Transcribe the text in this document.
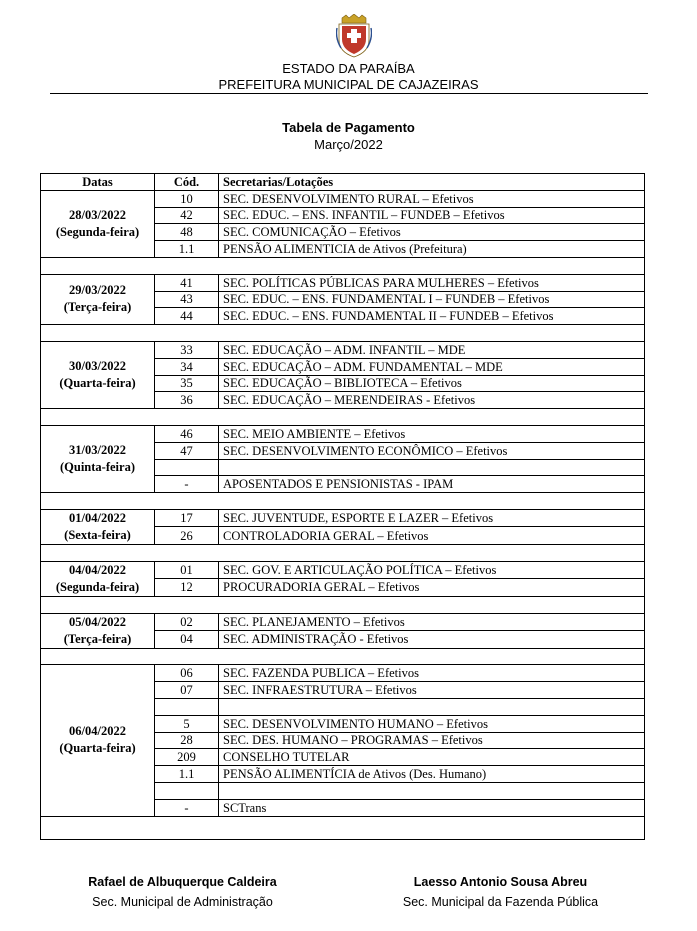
ESTADO DA PARAÍBA
PREFEITURA MUNICIPAL DE CAJAZEIRAS
Tabela de Pagamento
Março/2022
Datas	Cód.	Secretarias/Lotações

28/03/2022
(Segunda-feira)	10	SEC. DESENVOLVIMENTO RURAL – Efetivos
	42	SEC. EDUC. – ENS. INFANTIL – FUNDEB – Efetivos
	48	SEC. COMUNICAÇÃO – Efetivos
	1.1	PENSÃO ALIMENTICIA de Ativos (Prefeitura)

29/03/2022
(Terça-feira)	41	SEC. POLÍTICAS PÚBLICAS PARA MULHERES – Efetivos
	43	SEC. EDUC. – ENS. FUNDAMENTAL I – FUNDEB – Efetivos
	44	SEC. EDUC. – ENS. FUNDAMENTAL II – FUNDEB – Efetivos

30/03/2022
(Quarta-feira)	33	SEC. EDUCAÇÃO – ADM. INFANTIL – MDE
	34	SEC. EDUCAÇÃO – ADM. FUNDAMENTAL – MDE
	35	SEC. EDUCAÇÃO – BIBLIOTECA – Efetivos
	36	SEC. EDUCAÇÃO – MERENDEIRAS - Efetivos

31/03/2022
(Quinta-feira)	46	SEC. MEIO AMBIENTE – Efetivos
	47	SEC. DESENVOLVIMENTO ECONÔMICO – Efetivos

	-	APOSENTADOS E PENSIONISTAS - IPAM

01/04/2022
(Sexta-feira)	17	SEC. JUVENTUDE, ESPORTE E LAZER – Efetivos
	26	CONTROLADORIA GERAL – Efetivos

04/04/2022
(Segunda-feira)	01	SEC. GOV. E ARTICULAÇÃO POLÍTICA – Efetivos
	12	PROCURADORIA GERAL – Efetivos

05/04/2022
(Terça-feira)	02	SEC. PLANEJAMENTO – Efetivos
	04	SEC. ADMINISTRAÇÃO - Efetivos

06/04/2022
(Quarta-feira)	06	SEC. FAZENDA PUBLICA – Efetivos
	07	SEC. INFRAESTRUTURA – Efetivos

	5	SEC. DESENVOLVIMENTO HUMANO – Efetivos
	28	SEC. DES. HUMANO – PROGRAMAS – Efetivos
	209	CONSELHO TUTELAR
	1.1	PENSÃO ALIMENTÍCIA de Ativos (Des. Humano)

	-	SCTrans

Rafael de Albuquerque Caldeira
Sec. Municipal de Administração
Laesso Antonio Sousa Abreu
Sec. Municipal da Fazenda Pública
